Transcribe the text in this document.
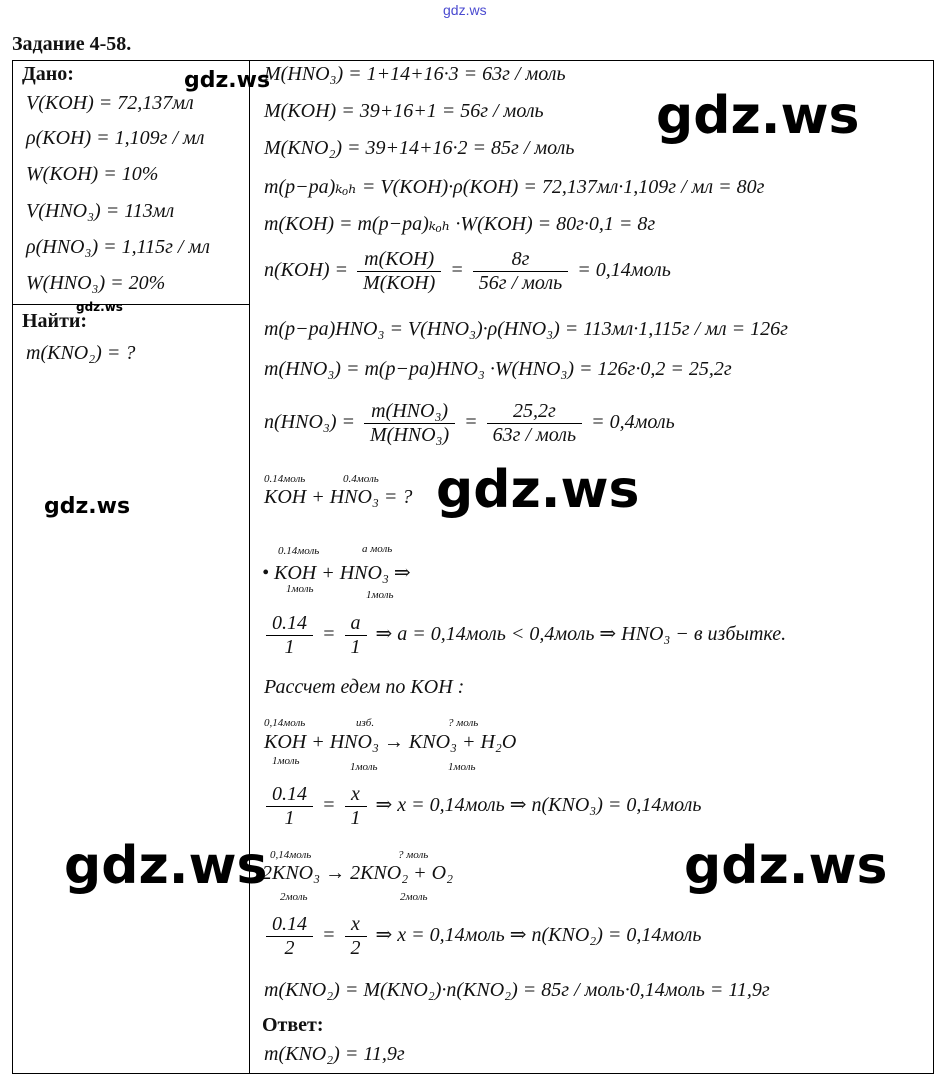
gdz.ws
Задание 4-58.
Дано:
V(KOH) = 72,137мл
ρ(KOH) = 1,109г / мл
W(KOH) = 10%
V(HNO₃) = 113мл
ρ(HNO₃) = 1,115г / мл
W(HNO₃) = 20%
Найти:
m(KNO₂) = ?
M(HNO₃) = 1+14+16·3 = 63г / моль
M(KOH) = 39+16+1 = 56г / моль
M(KNO₂) = 39+14+16·2 = 85г / моль
m(p−pa)ₖₒₕ = V(KOH)·ρ(KOH) = 72,137мл·1,109г / мл = 80г
m(KOH) = m(p−pa)ₖₒₕ ·W(KOH) = 80г·0,1 = 8г
$n(KOH) = \frac{\text{m(KOH)}}{\text{M(KOH)}} = \frac{8г}{\text{56г / моль}}$ = 0,14моль
m(p−pa)HNO₃ = V(HNO₃)·ρ(HNO₃) = 113мл·1,115г / мл = 126г
m(HNO₃) = m(p−pa)HNO₃ ·W(HNO₃) = 126г·0,2 = 25,2г
$n(HNO_3) = \frac{\text{m(HNO₃)}}{\text{M(HNO₃)}} = \frac{25,2г}{\text{63г / моль}}$ = 0,4моль
0.14моль	0.4моль
KOH + HNO₃ = ?
0.14моль	а моль
• KOH + HNO₃ ⇒
1моль	1моль
$\frac{0.14}{1} = \frac{a}{1}$ ⇒ a = 0,14моль < 0,4моль ⇒ HNO₃ − в избытке.
Рассчет едем по KOH :
0,14моль	изб.	? моль
KOH + HNO₃ → KNO₃ + H₂O
1моль	1моль	1моль
$\frac{0.14}{1} = \frac{x}{1}$ ⇒ x = 0,14моль ⇒ n(KNO₃) = 0,14моль
0,14моль	? моль
2KNO₃ → 2KNO₂ + O₂
2моль	2моль
$\frac{0.14}{2} = \frac{x}{2}$ ⇒ x = 0,14моль ⇒ n(KNO₂) = 0,14моль
m(KNO₂) = M(KNO₂)·n(KNO₂) = 85г / моль·0,14моль = 11,9г
Ответ:
m(KNO₂) = 11,9г
gdz.ws
gdz.ws
gdz.ws
gdz.ws
gdz.ws
gdz.ws	gdz.ws
